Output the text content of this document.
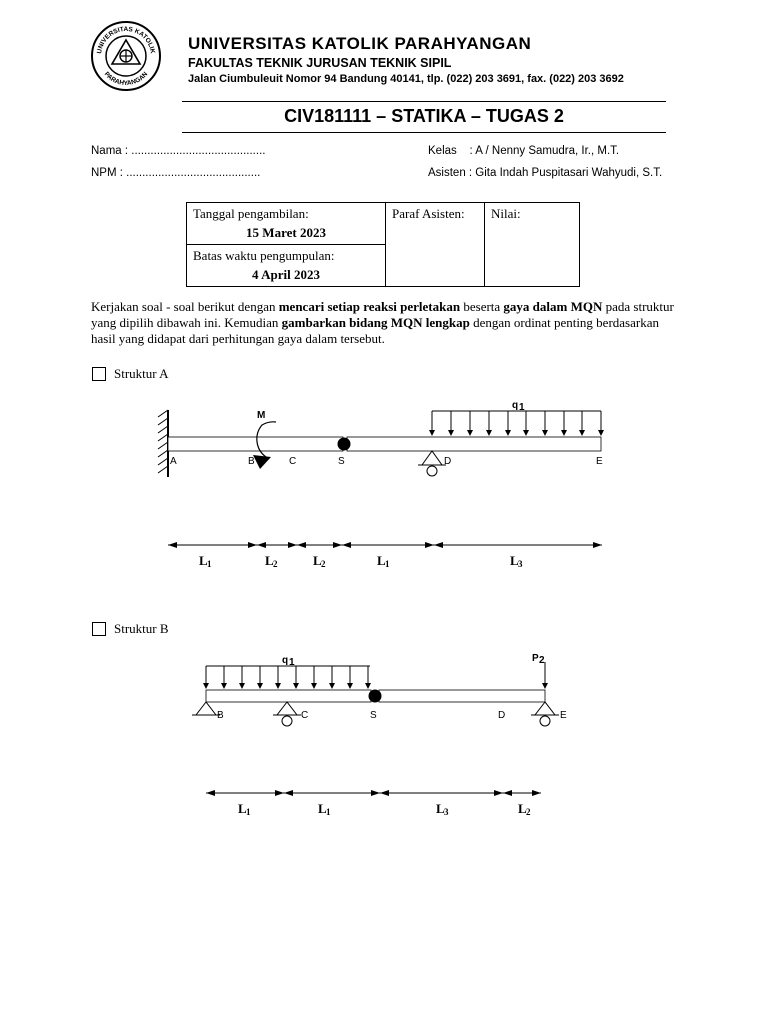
UNIVERSITAS KATOLIK
PARAHYANGAN
UNIVERSITAS KATOLIK PARAHYANGAN
FAKULTAS TEKNIK JURUSAN TEKNIK SIPIL
Jalan Ciumbuleuit Nomor 94 Bandung 40141, tlp. (022) 203 3691, fax. (022) 203 3692
CIV181111 – STATIKA – TUGAS 2
Nama : ..........................................
NPM : ..........................................
Kelas    : A / Nenny Samudra, Ir., M.T.
Asisten : Gita Indah Puspitasari Wahyudi, S.T.
Tanggal pengambilan:
15 Maret 2023

Paraf Asisten:	Nilai:

Batas waktu pengumpulan:
4 April 2023
Kerjakan soal - soal berikut dengan mencari setiap reaksi perletakan beserta gaya dalam MQN pada struktur yang dipilih dibawah ini. Kemudian gambarkan bidang MQN lengkap dengan ordinat penting berdasarkan hasil yang didapat dari perhitungan gaya dalam tersebut.
Struktur A
M
q 1
A	B	C	S	D	E
L 1	L 2	L 2	L 1	L 3
Struktur B
q 1	P 2
B	C	S	D	E
L 1	L 1	L 3	L 2
